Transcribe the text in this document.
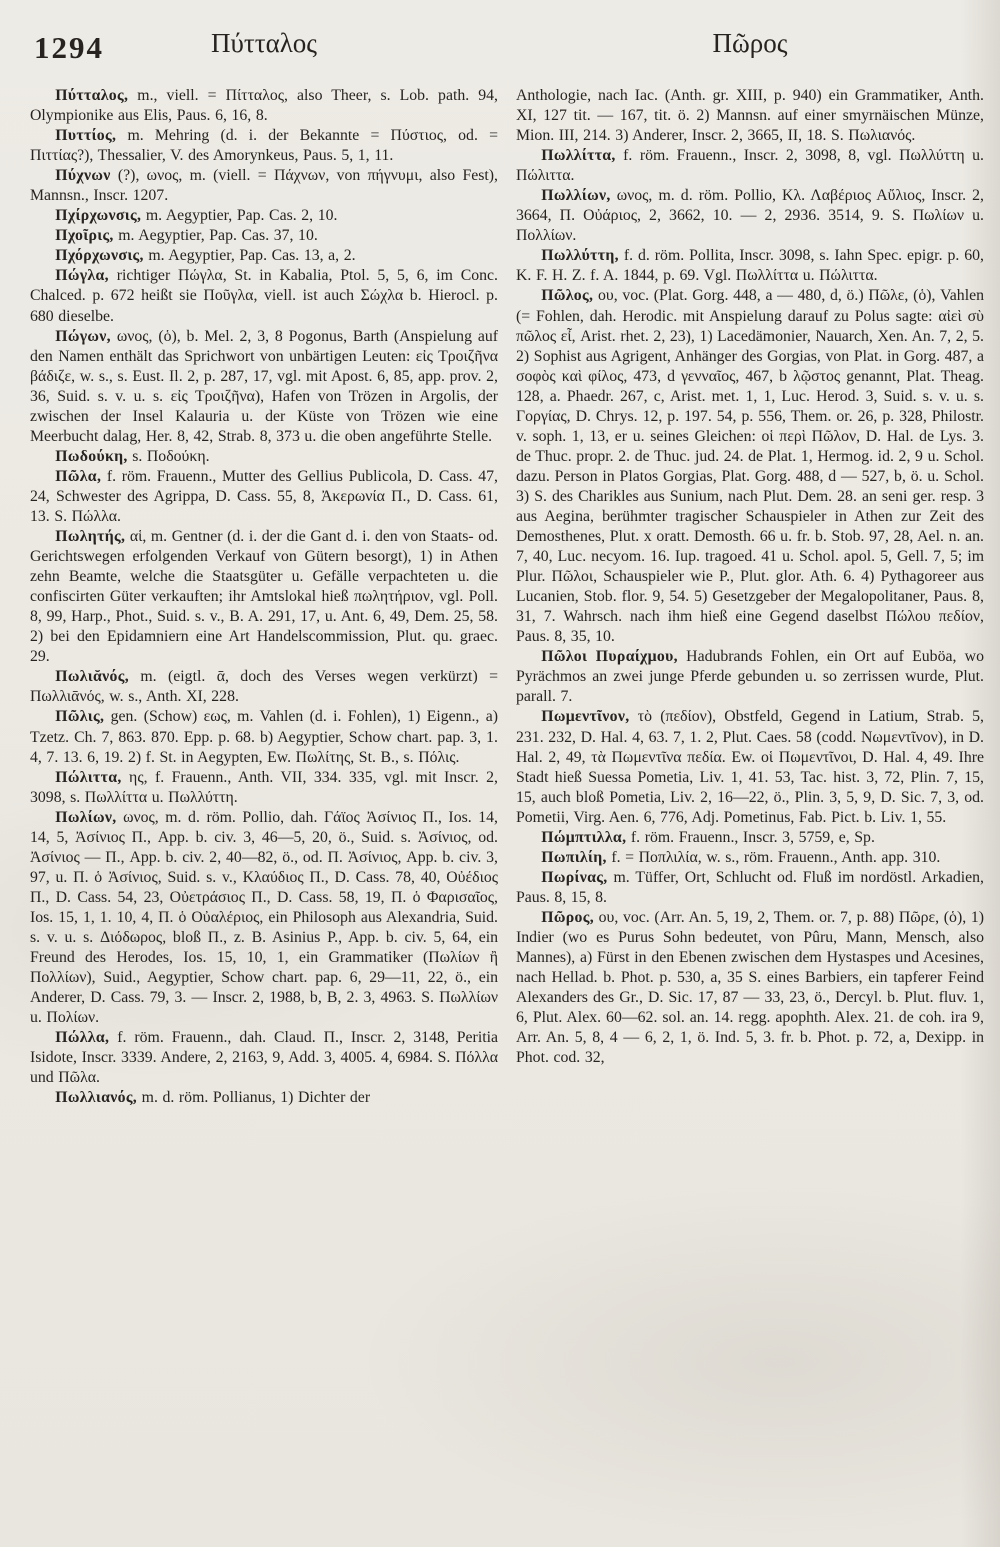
1294	Πύτταλος	Πῶρος

Πύτταλος, m., viell. = Πίτταλος, also Theer, s. Lob. path. 94, Olympionike aus Elis, Paus. 6, 16, 8.

Πυττίος, m. Mehring (d. i. der Bekannte = Πύστιος, od. = Πιττίας?), Thessalier, V. des Amorynkeus, Paus. 5, 1, 11.

Πύχνων (?), ωνος, m. (viell. = Πάχνων, von πήγνυμι, also Fest), Mannsn., Inscr. 1207.

Πχίρχωνσις, m. Aegyptier, Pap. Cas. 2, 10.

Πχοῖρις, m. Aegyptier, Pap. Cas. 37, 10.

Πχόρχωνσις, m. Aegyptier, Pap. Cas. 13, a, 2.

Πώγλα, richtiger Πώγλα, St. in Kabalia, Ptol. 5, 5, 6, im Conc. Chalced. p. 672 heißt sie Ποῦγλα, viell. ist auch Σώχλα b. Hierocl. p. 680 dieselbe.

Πώγων, ωνος, (ὁ), b. Mel. 2, 3, 8 Pogonus, Barth (Anspielung auf den Namen enthält das Sprichwort von unbärtigen Leuten: εἰς Τροιζῆνα βάδιζε, w. s., s. Eust. Il. 2, p. 287, 17, vgl. mit Apost. 6, 85, app. prov. 2, 36, Suid. s. v. u. s. εἰς Τροιζῆνα), Hafen von Trözen in Argolis, der zwischen der Insel Kalauria u. der Küste von Trözen wie eine Meerbucht dalag, Her. 8, 42, Strab. 8, 373 u. die oben angeführte Stelle.

Πωδούκη, s. Ποδούκη.

Πῶλα, f. röm. Frauenn., Mutter des Gellius Publicola, D. Cass. 47, 24, Schwester des Agrippa, D. Cass. 55, 8, Ἀκερωνία Π., D. Cass. 61, 13. S. Πώλλα.

Πωλητής, αἱ, m. Gentner (d. i. der die Gant d. i. den von Staats- od. Gerichtswegen erfolgenden Verkauf von Gütern besorgt), 1) in Athen zehn Beamte, welche die Staatsgüter u. Gefälle verpachteten u. die confiscirten Güter verkauften; ihr Amtslokal hieß πωλητήριον, vgl. Poll. 8, 99, Harp., Phot., Suid. s. v., B. A. 291, 17, u. Ant. 6, 49, Dem. 25, 58. 2) bei den Epidamniern eine Art Handelscommission, Plut. qu. graec. 29.

Πωλιᾰνός, m. (eigtl. ᾱ, doch des Verses wegen verkürzt) = Πωλλιᾱνός, w. s., Anth. XI, 228.

Πῶλις, gen. (Schow) εως, m. Vahlen (d. i. Fohlen), 1) Eigenn., a) Tzetz. Ch. 7, 863. 870. Epp. p. 68. b) Aegyptier, Schow chart. pap. 3, 1. 4, 7. 13. 6, 19. 2) f. St. in Aegypten, Ew. Πωλίτης, St. B., s. Πόλις.

Πώλιττα, ης, f. Frauenn., Anth. VII, 334. 335, vgl. mit Inscr. 2, 3098, s. Πωλλίττα u. Πωλλύττη.

Πωλίων, ωνος, m. d. röm. Pollio, dah. Γάϊος Ἀσίνιος Π., Ios. 14, 14, 5, Ἀσίνιος Π., App. b. civ. 3, 46—5, 20, ö., Suid. s. Ἀσίνιος, od. Ἀσίνιος — Π., App. b. civ. 2, 40—82, ö., od. Π. Ἀσίνιος, App. b. civ. 3, 97, u. Π. ὁ Ἀσίνιος, Suid. s. v., Κλαύδιος Π., D. Cass. 78, 40, Οὐέδιος Π., D. Cass. 54, 23, Οὐετράσιος Π., D. Cass. 58, 19, Π. ὁ Φαρισαῖος, Ios. 15, 1, 1. 10, 4, Π. ὁ Οὐαλέριος, ein Philosoph aus Alexandria, Suid. s. v. u. s. Διόδωρος, bloß Π., z. B. Asinius P., App. b. civ. 5, 64, ein Freund des Herodes, Ios. 15, 10, 1, ein Grammatiker (Πωλίων ἢ Πολλίων), Suid., Aegyptier, Schow chart. pap. 6, 29—11, 22, ö., ein Anderer, D. Cass. 79, 3. — Inscr. 2, 1988, b, B, 2. 3, 4963. S. Πωλλίων u. Πολίων.

Πώλλα, f. röm. Frauenn., dah. Claud. Π., Inscr. 2, 3148, Peritia Isidote, Inscr. 3339. Andere, 2, 2163, 9, Add. 3, 4005. 4, 6984. S. Πόλλα und Πῶλα.

Πωλλιανός, m. d. röm. Pollianus, 1) Dichter der

Anthologie, nach Iac. (Anth. gr. XIII, p. 940) ein Grammatiker, Anth. XI, 127 tit. — 167, tit. ö. 2) Mannsn. auf einer smyrnäischen Münze, Mion. III, 214. 3) Anderer, Inscr. 2, 3665, II, 18. S. Πωλιανός.

Πωλλίττα, f. röm. Frauenn., Inscr. 2, 3098, 8, vgl. Πωλλύττη u. Πώλιττα.

Πωλλίων, ωνος, m. d. röm. Pollio, Κλ. Λαβέριος Αὔλιος, Inscr. 2, 3664, Π. Οὐάριος, 2, 3662, 10. — 2, 2936. 3514, 9. S. Πωλίων u. Πολλίων.

Πωλλύττη, f. d. röm. Pollita, Inscr. 3098, s. Iahn Spec. epigr. p. 60, K. F. H. Z. f. A. 1844, p. 69. Vgl. Πωλλίττα u. Πώλιττα.

Πῶλος, ου, voc. (Plat. Gorg. 448, a — 480, d, ö.) Πῶλε, (ὁ), Vahlen (= Fohlen, dah. Herodic. mit Anspielung darauf zu Polus sagte: αἰεὶ σὺ πῶλος εἶ, Arist. rhet. 2, 23), 1) Lacedämonier, Nauarch, Xen. An. 7, 2, 5. 2) Sophist aus Agrigent, Anhänger des Gorgias, von Plat. in Gorg. 487, a σοφὸς καὶ φίλος, 473, d γενναῖος, 467, b λῷστος genannt, Plat. Theag. 128, a. Phaedr. 267, c, Arist. met. 1, 1, Luc. Herod. 3, Suid. s. v. u. s. Γοργίας, D. Chrys. 12, p. 197. 54, p. 556, Them. or. 26, p. 328, Philostr. v. soph. 1, 13, er u. seines Gleichen: οἱ περὶ Πῶλον, D. Hal. de Lys. 3. de Thuc. propr. 2. de Thuc. jud. 24. de Plat. 1, Hermog. id. 2, 9 u. Schol. dazu. Person in Platos Gorgias, Plat. Gorg. 488, d — 527, b, ö. u. Schol. 3) S. des Charikles aus Sunium, nach Plut. Dem. 28. an seni ger. resp. 3 aus Aegina, berühmter tragischer Schauspieler in Athen zur Zeit des Demosthenes, Plut. x oratt. Demosth. 66 u. fr. b. Stob. 97, 28, Ael. n. an. 7, 40, Luc. necyom. 16. Iup. tragoed. 41 u. Schol. apol. 5, Gell. 7, 5; im Plur. Πῶλοι, Schauspieler wie P., Plut. glor. Ath. 6. 4) Pythagoreer aus Lucanien, Stob. flor. 9, 54. 5) Gesetzgeber der Megalopolitaner, Paus. 8, 31, 7. Wahrsch. nach ihm hieß eine Gegend daselbst Πώλου πεδίον, Paus. 8, 35, 10.

Πῶλοι Πυραίχμου, Hadubrands Fohlen, ein Ort auf Euböa, wo Pyrächmos an zwei junge Pferde gebunden u. so zerrissen wurde, Plut. parall. 7.

Πωμεντῖνον, τὸ (πεδίον), Obstfeld, Gegend in Latium, Strab. 5, 231. 232, D. Hal. 4, 63. 7, 1. 2, Plut. Caes. 58 (codd. Νωμεντῖνον), in D. Hal. 2, 49, τὰ Πωμεντῖνα πεδία. Ew. οἱ Πωμεντῖνοι, D. Hal. 4, 49. Ihre Stadt hieß Suessa Pometia, Liv. 1, 41. 53, Tac. hist. 3, 72, Plin. 7, 15, 15, auch bloß Pometia, Liv. 2, 16—22, ö., Plin. 3, 5, 9, D. Sic. 7, 3, od. Pometii, Virg. Aen. 6, 776, Adj. Pometinus, Fab. Pict. b. Liv. 1, 55.

Πώμπτιλλα, f. röm. Frauenn., Inscr. 3, 5759, e, Sp.

Πωπιλίη, f. = Ποπλιλία, w. s., röm. Frauenn., Anth. app. 310.

Πωρίνας, m. Tüffer, Ort, Schlucht od. Fluß im nordöstl. Arkadien, Paus. 8, 15, 8.

Πῶρος, ου, voc. (Arr. An. 5, 19, 2, Them. or. 7, p. 88) Πῶρε, (ὁ), 1) Indier (wo es Purus Sohn bedeutet, von Pûru, Mann, Mensch, also Mannes), a) Fürst in den Ebenen zwischen dem Hystaspes und Acesines, nach Hellad. b. Phot. p. 530, a, 35 S. eines Barbiers, ein tapferer Feind Alexanders des Gr., D. Sic. 17, 87 — 33, 23, ö., Dercyl. b. Plut. fluv. 1, 6, Plut. Alex. 60—62. sol. an. 14. regg. apophth. Alex. 21. de coh. ira 9, Arr. An. 5, 8, 4 — 6, 2, 1, ö. Ind. 5, 3. fr. b. Phot. p. 72, a, Dexipp. in Phot. cod. 32,
